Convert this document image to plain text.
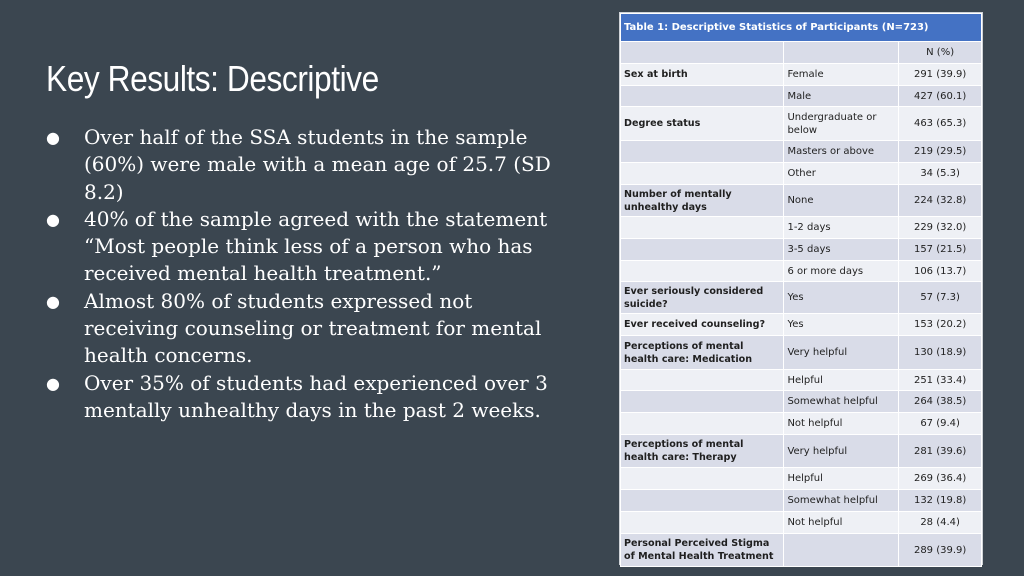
Key Results: Descriptive
● Over half of the SSA students in the sample (60%) were male with a mean age of 25.7 (SD 8.2)
● 40% of the sample agreed with the statement “Most people think less of a person who has received mental health treatment.”
● Almost 80% of students expressed not receiving counseling or treatment for mental health concerns.
● Over 35% of students had experienced over 3 mentally unhealthy days in the past 2 weeks.
Table 1: Descriptive Statistics of Participants (N=723)		
		N (%)
Sex at birth	Female	291 (39.9)
	Male	427 (60.1)
Degree status	Undergraduate or below	463 (65.3)
	Masters or above	219 (29.5)
	Other	34 (5.3)
Number of mentally unhealthy days	None	224 (32.8)
	1-2 days	229 (32.0)
	3-5 days	157 (21.5)
	6 or more days	106 (13.7)
Ever seriously considered suicide?	Yes	57 (7.3)
Ever received counseling?	Yes	153 (20.2)
Perceptions of mental health care: Medication	Very helpful	130 (18.9)
	Helpful	251 (33.4)
	Somewhat helpful	264 (38.5)
	Not helpful	67 (9.4)
Perceptions of mental health care: Therapy	Very helpful	281 (39.6)
	Helpful	269 (36.4)
	Somewhat helpful	132 (19.8)
	Not helpful	28 (4.4)
Personal Perceived Stigma of Mental Health Treatment		289 (39.9)
